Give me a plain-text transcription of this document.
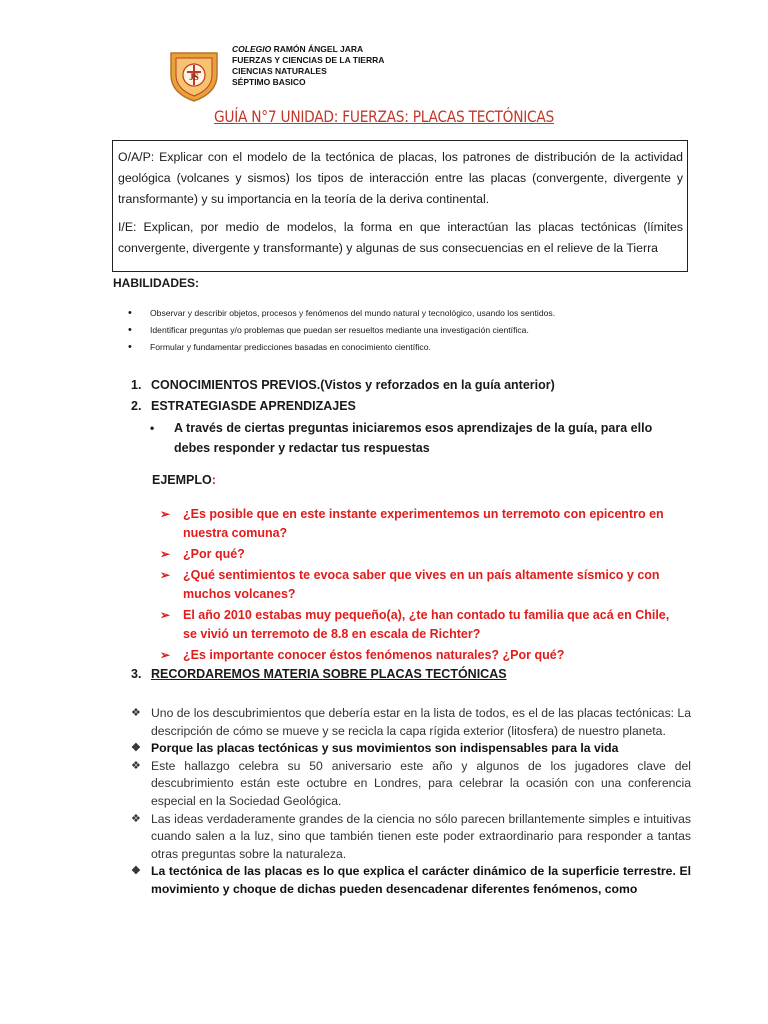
JS
COLEGIO RAMÓN ÁNGEL JARA
FUERZAS Y CIENCIAS DE LA TIERRA
CIENCIAS NATURALES
SÉPTIMO BASICO
GUÍA N°7 UNIDAD: FUERZAS: PLACAS TECTÓNICAS

O/A/P: Explicar con el modelo de la tectónica de placas, los patrones de distribución de la actividad geológica (volcanes y sismos) los tipos de interacción entre las placas (convergente, divergente y transformante) y su importancia en la teoría de la deriva continental.

I/E: Explican, por medio de modelos, la forma en que interactúan las placas tectónicas (límites convergente, divergente y transformante) y algunas de sus consecuencias en el relieve de la Tierra

HABILIDADES:
• Observar y describir objetos, procesos y fenómenos del mundo natural y tecnológico, usando los sentidos.
• Identificar preguntas y/o problemas que puedan ser resueltos mediante una investigación científica.
• Formular y fundamentar predicciones basadas en conocimiento científico.
1. CONOCIMIENTOS PREVIOS.(Vistos y reforzados en la guía anterior)
2. ESTRATEGIASDE APRENDIZAJES
•	A través de ciertas preguntas iniciaremos esos aprendizajes de la guía, para ello debes responder y redactar tus respuestas
EJEMPLO:
➢ ¿Es posible que en este instante experimentemos un terremoto con epicentro en nuestra comuna?
➢ ¿Por qué?
➢ ¿Qué sentimientos te evoca saber que vives en un país altamente sísmico y con muchos volcanes?
➢ El año 2010 estabas muy pequeño(a), ¿te han contado tu familia que acá en Chile, se vivió un terremoto de 8.8 en escala de Richter?
➢ ¿Es importante conocer éstos fenómenos naturales? ¿Por qué?
3. RECORDAREMOS MATERIA SOBRE PLACAS TECTÓNICAS
❖ Uno de los descubrimientos que debería estar en la lista de todos, es el de las placas tectónicas: La descripción de cómo se mueve y se recicla la capa rígida exterior (litosfera) de nuestro planeta.
❖ Porque las placas tectónicas y sus movimientos son indispensables para la vida
❖ Este hallazgo celebra su 50 aniversario este año y algunos de los jugadores clave del descubrimiento están este octubre en Londres, para celebrar la ocasión con una conferencia especial en la Sociedad Geológica.
❖ Las ideas verdaderamente grandes de la ciencia no sólo parecen brillantemente simples e intuitivas cuando salen a la luz, sino que también tienen este poder extraordinario para responder a tantas otras preguntas sobre la naturaleza.
❖ La tectónica de las placas es lo que explica el carácter dinámico de la superficie terrestre. El movimiento y choque de dichas pueden desencadenar diferentes fenómenos, como
